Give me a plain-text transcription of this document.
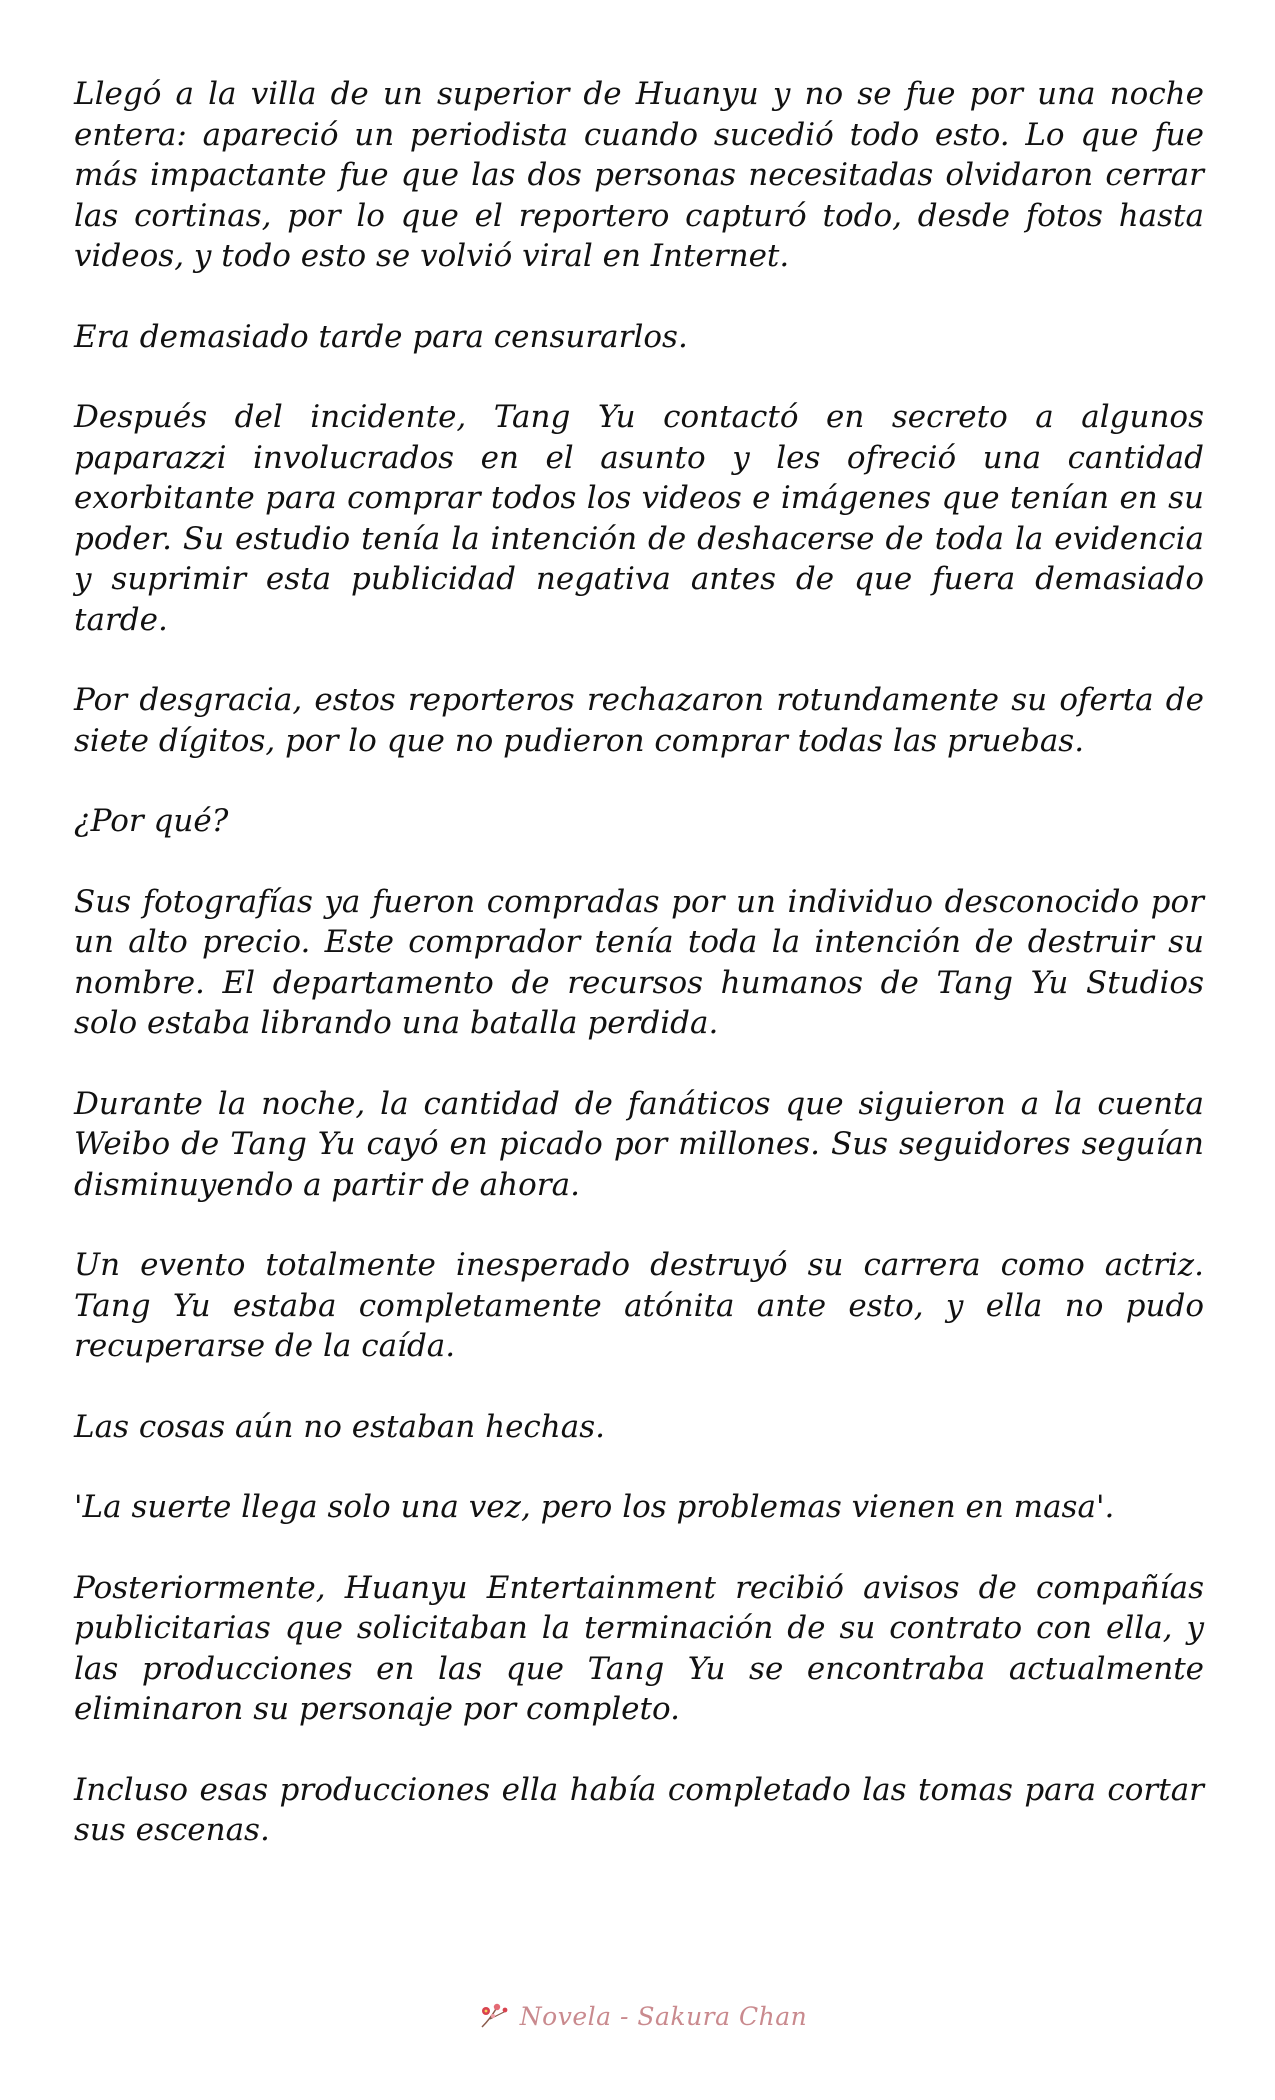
Llegó a la villa de un superior de Huanyu y no se fue por una noche entera: apareció un periodista cuando sucedió todo esto. Lo que fue más impactante fue que las dos personas necesitadas olvidaron cerrar las cortinas, por lo que el reportero capturó todo, desde fotos hasta videos, y todo esto se volvió viral en Internet.

Era demasiado tarde para censurarlos.

Después del incidente, Tang Yu contactó en secreto a algunos paparazzi involucrados en el asunto y les ofreció una cantidad exorbitante para comprar todos los videos e imágenes que tenían en su poder. Su estudio tenía la intención de deshacerse de toda la evidencia y suprimir esta publicidad negativa antes de que fuera demasiado tarde.

Por desgracia, estos reporteros rechazaron rotundamente su oferta de siete dígitos, por lo que no pudieron comprar todas las pruebas.

¿Por qué?

Sus fotografías ya fueron compradas por un individuo desconocido por un alto precio. Este comprador tenía toda la intención de destruir su nombre. El departamento de recursos humanos de Tang Yu Studios solo estaba librando una batalla perdida.

Durante la noche, la cantidad de fanáticos que siguieron a la cuenta Weibo de Tang Yu cayó en picado por millones. Sus seguidores seguían disminuyendo a partir de ahora.

Un evento totalmente inesperado destruyó su carrera como actriz. Tang Yu estaba completamente atónita ante esto, y ella no pudo recuperarse de la caída.

Las cosas aún no estaban hechas.

'La suerte llega solo una vez, pero los problemas vienen en masa'.

Posteriormente, Huanyu Entertainment recibió avisos de compañías publicitarias que solicitaban la terminación de su contrato con ella, y las producciones en las que Tang Yu se encontraba actualmente eliminaron su personaje por completo.

Incluso esas producciones ella había completado las tomas para cortar sus escenas.

Novela - Sakura Chan
